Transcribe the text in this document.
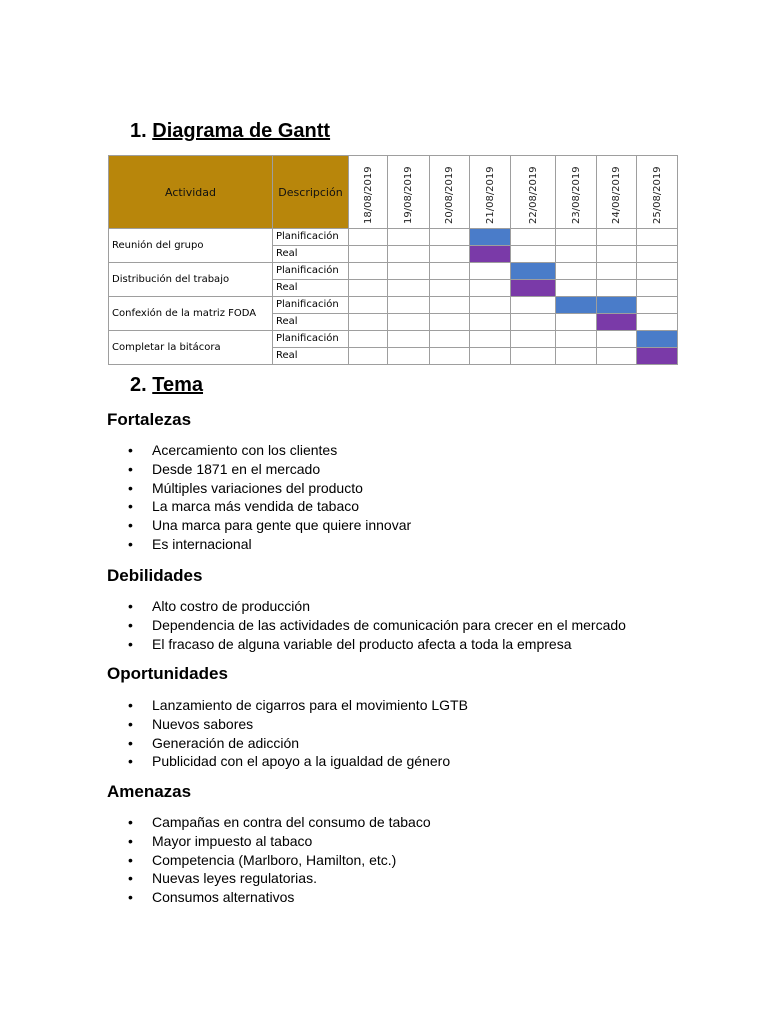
1. Diagrama de Gantt
Actividad	Descripción	18/08/2019	19/08/2019	20/08/2019	21/08/2019	22/08/2019	23/08/2019	24/08/2019	25/08/2019

Reunión del grupo	Planificación								
	Real								
Distribución del trabajo	Planificación								
	Real								
Confexión de la matriz FODA	Planificación								
	Real								
Completar la bitácora	Planificación								
	Real								
2. Tema
Fortalezas
• Acercamiento con los clientes
• Desde 1871 en el mercado
• Múltiples variaciones del producto
• La marca más vendida de tabaco
• Una marca para gente que quiere innovar
• Es internacional
Debilidades
• Alto costro de producción
• Dependencia de las actividades de comunicación para crecer en el mercado
• El fracaso de alguna variable del producto afecta a toda la empresa
Oportunidades
• Lanzamiento de cigarros para el movimiento LGTB
• Nuevos sabores
• Generación de adicción
• Publicidad con el apoyo a la igualdad de género
Amenazas
• Campañas en contra del consumo de tabaco
• Mayor impuesto al tabaco
• Competencia (Marlboro, Hamilton, etc.)
• Nuevas leyes regulatorias.
• Consumos alternativos
